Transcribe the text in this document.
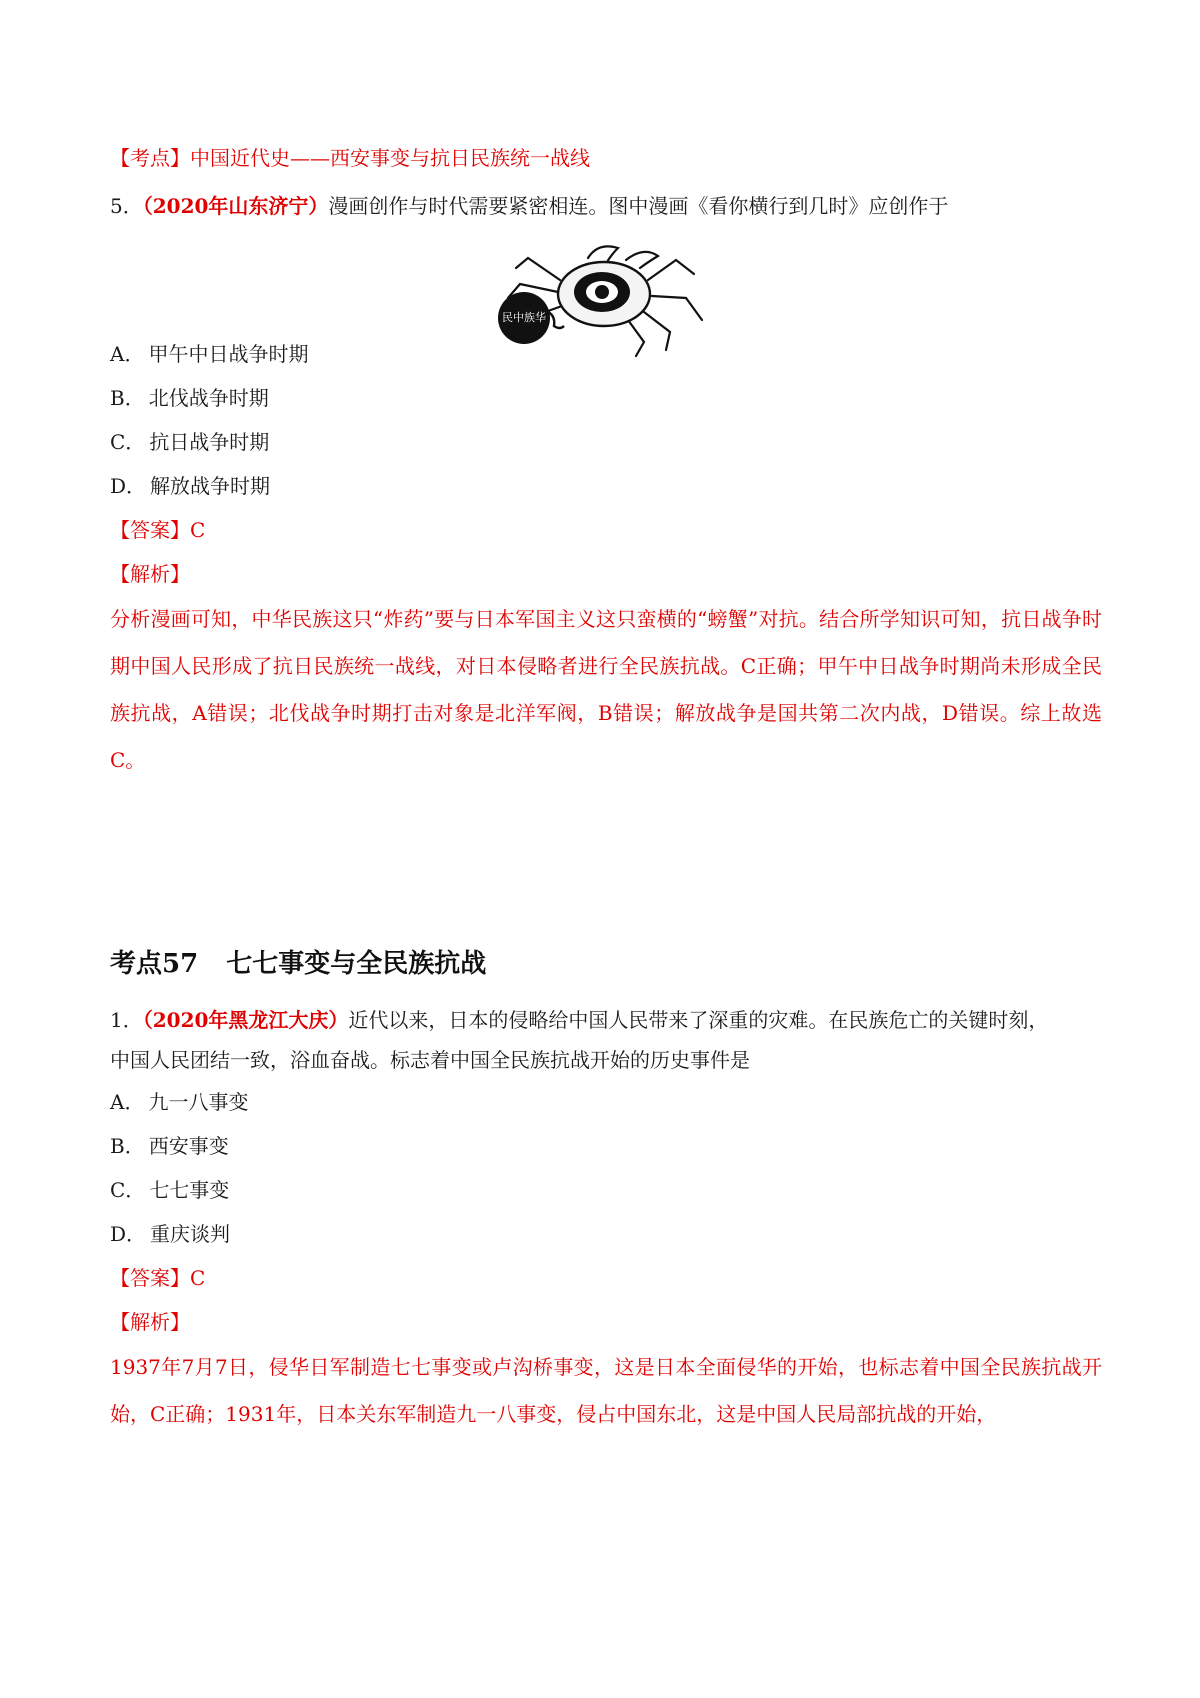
【考点】中国近代史——西安事变与抗日民族统一战线
5．（2020年山东济宁）漫画创作与时代需要紧密相连。图中漫画《看你横行到几时》应创作于
民中族华
A． 甲午中日战争时期
B． 北伐战争时期
C． 抗日战争时期
D． 解放战争时期
【答案】C
【解析】
分析漫画可知，中华民族这只“炸药”要与日本军国主义这只蛮横的“螃蟹”对抗。结合所学知识可知，抗日战争时期中国人民形成了抗日民族统一战线，对日本侵略者进行全民族抗战。C正确；甲午中日战争时期尚未形成全民族抗战，A错误；北伐战争时期打击对象是北洋军阀，B错误；解放战争是国共第二次内战，D错误。综上故选C。
考点57 七七事变与全民族抗战
1．（2020年黑龙江大庆）近代以来，日本的侵略给中国人民带来了深重的灾难。在民族危亡的关键时刻，
中国人民团结一致，浴血奋战。标志着中国全民族抗战开始的历史事件是
A． 九一八事变
B． 西安事变
C． 七七事变
D． 重庆谈判
【答案】C
【解析】
1937年7月7日，侵华日军制造七七事变或卢沟桥事变，这是日本全面侵华的开始，也标志着中国全民族抗战开始，C正确；1931年，日本关东军制造九一八事变，侵占中国东北，这是中国人民局部抗战的开始，
